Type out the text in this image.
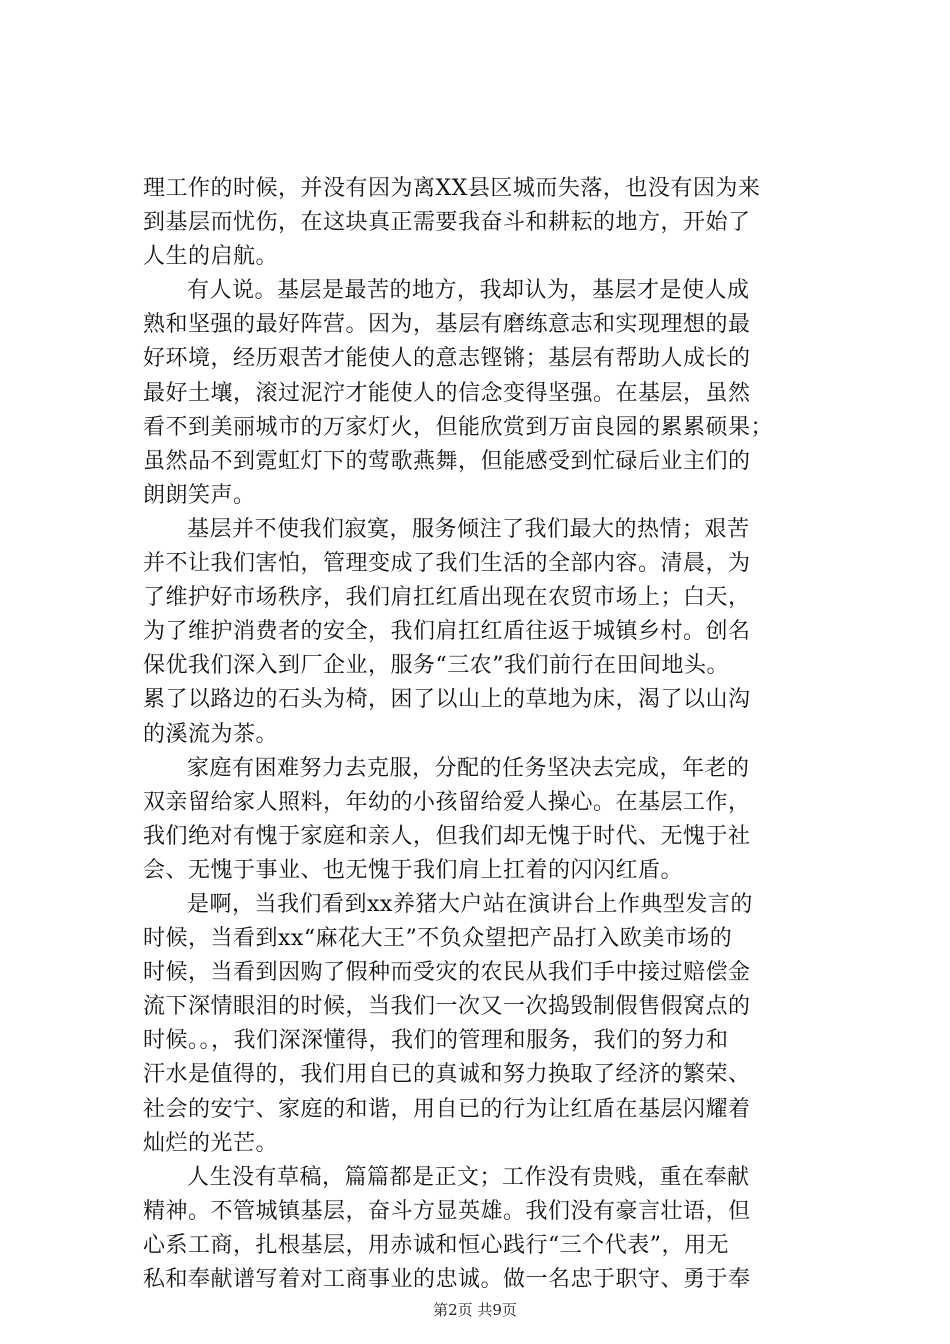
理工作的时候，并没有因为离XX县区城而失落，也没有因为来
到基层而忧伤，在这块真正需要我奋斗和耕耘的地方，开始了
人生的启航。
有人说。基层是最苦的地方，我却认为，基层才是使人成
熟和坚强的最好阵营。因为，基层有磨练意志和实现理想的最
好环境，经历艰苦才能使人的意志铿锵；基层有帮助人成长的
最好土壤，滚过泥泞才能使人的信念变得坚强。在基层，虽然
看不到美丽城市的万家灯火，但能欣赏到万亩良园的累累硕果；
虽然品不到霓虹灯下的莺歌燕舞，但能感受到忙碌后业主们的
朗朗笑声。
基层并不使我们寂寞，服务倾注了我们最大的热情；艰苦
并不让我们害怕，管理变成了我们生活的全部内容。清晨，为
了维护好市场秩序，我们肩扛红盾出现在农贸市场上；白天，
为了维护消费者的安全，我们肩扛红盾往返于城镇乡村。创名
保优我们深入到厂企业，服务“三农”我们前行在田间地头。
累了以路边的石头为椅，困了以山上的草地为床，渴了以山沟
的溪流为茶。
家庭有困难努力去克服，分配的任务坚决去完成，年老的
双亲留给家人照料，年幼的小孩留给爱人操心。在基层工作，
我们绝对有愧于家庭和亲人，但我们却无愧于时代、无愧于社
会、无愧于事业、也无愧于我们肩上扛着的闪闪红盾。
是啊，当我们看到xx养猪大户站在演讲台上作典型发言的
时候，当看到xx“麻花大王”不负众望把产品打入欧美市场的
时候，当看到因购了假种而受灾的农民从我们手中接过赔偿金
流下深情眼泪的时候，当我们一次又一次捣毁制假售假窝点的
时候。。，我们深深懂得，我们的管理和服务，我们的努力和
汗水是值得的，我们用自已的真诚和努力换取了经济的繁荣、
社会的安宁、家庭的和谐，用自已的行为让红盾在基层闪耀着
灿烂的光芒。
人生没有草稿，篇篇都是正文；工作没有贵贱，重在奉献
精神。不管城镇基层，奋斗方显英雄。我们没有豪言壮语，但
心系工商，扎根基层，用赤诚和恒心践行“三个代表”，用无
私和奉献谱写着对工商事业的忠诚。做一名忠于职守、勇于奉
第2页 共9页
